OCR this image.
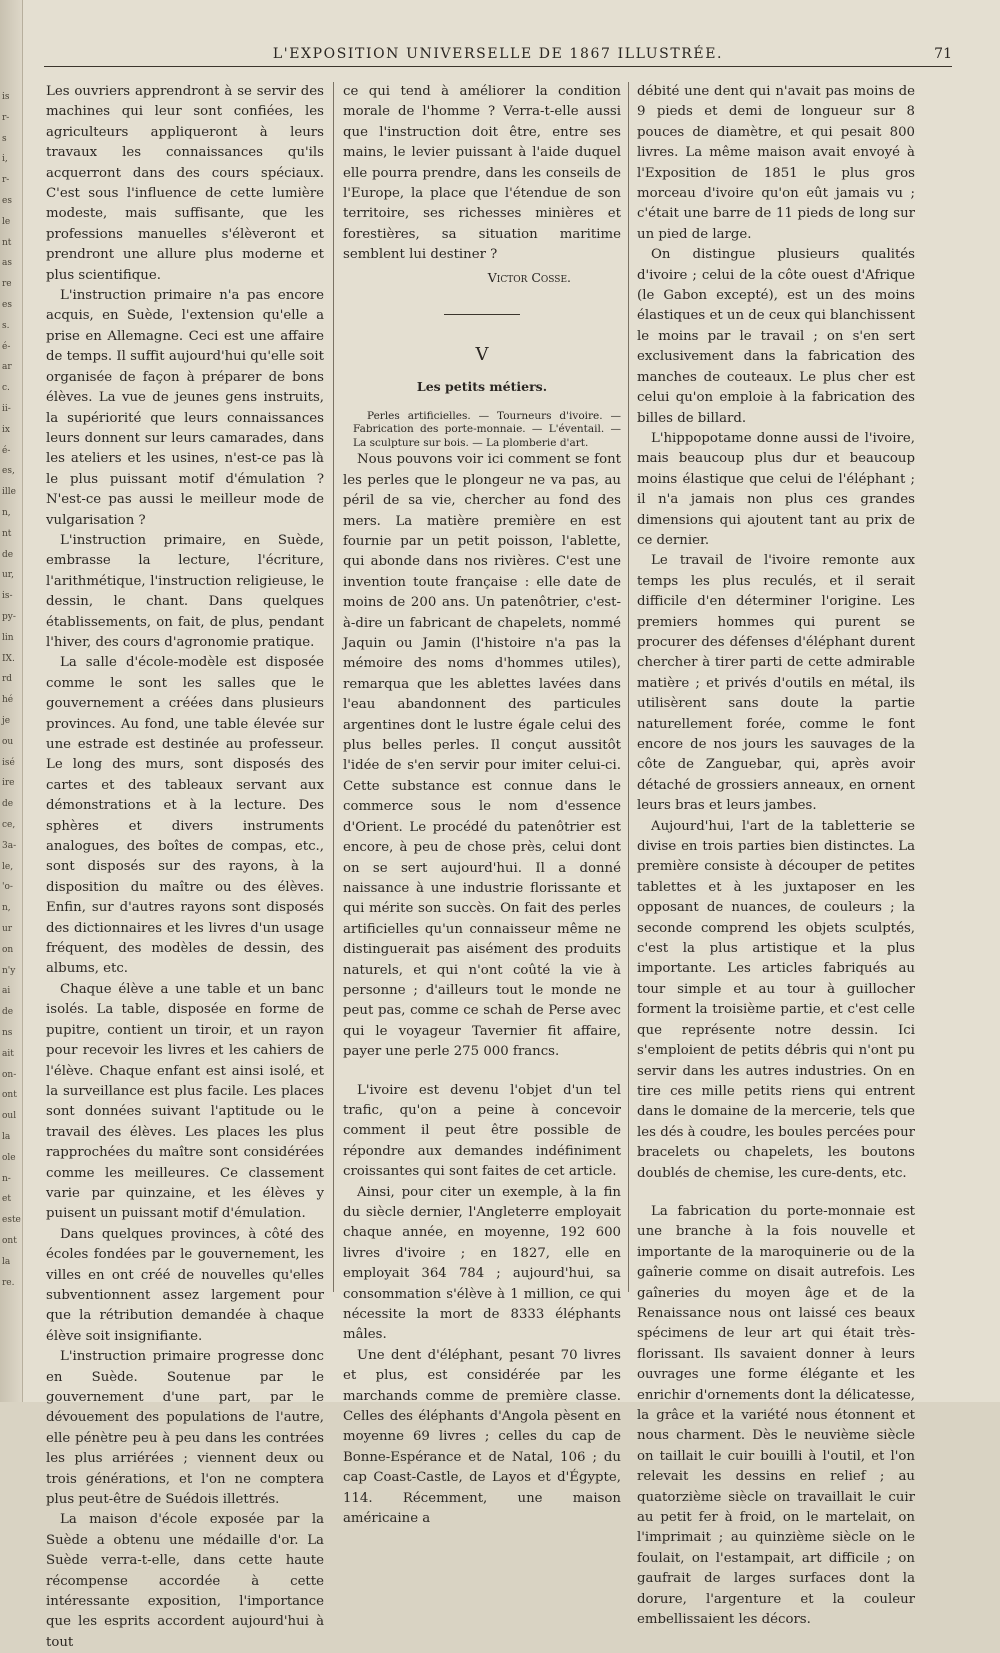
is
r-
s
i,
r-
es
le
nt
as
re
es
s.
é-
ar
c.
ii-
ix
é-
es,
ille
n,
nt
de
ur,
is-
py-
lin
IX.
rd
hé
je
ou
isé
ire
de
ce,
3a-
le,
'o-
n,
ur
on
n'y
ai
de
ns
ait
on-
ont
oul
la
ole
n-
et
este
ont
la
re.
L'EXPOSITION UNIVERSELLE DE 1867 ILLUSTRÉE.	71

Les ouvriers apprendront à se servir des machines qui leur sont confiées, les agriculteurs appliqueront à leurs travaux les connaissances qu'ils acquerront dans des cours spéciaux. C'est sous l'influence de cette lumière modeste, mais suffisante, que les professions manuelles s'élèveront et prendront une allure plus moderne et plus scientifique.

L'instruction primaire n'a pas encore acquis, en Suède, l'extension qu'elle a prise en Allemagne. Ceci est une affaire de temps. Il suffit aujourd'hui qu'elle soit organisée de façon à préparer de bons élèves. La vue de jeunes gens instruits, la supériorité que leurs connaissances leurs donnent sur leurs camarades, dans les ateliers et les usines, n'est-ce pas là le plus puissant motif d'émulation ? N'est-ce pas aussi le meilleur mode de vulgarisation ?

L'instruction primaire, en Suède, embrasse la lecture, l'écriture, l'arithmétique, l'instruction religieuse, le dessin, le chant. Dans quelques établissements, on fait, de plus, pendant l'hiver, des cours d'agronomie pratique.

La salle d'école-modèle est disposée comme le sont les salles que le gouvernement a créées dans plusieurs provinces. Au fond, une table élevée sur une estrade est destinée au professeur. Le long des murs, sont disposés des cartes et des tableaux servant aux démonstrations et à la lecture. Des sphères et divers instruments analogues, des boîtes de compas, etc., sont disposés sur des rayons, à la disposition du maître ou des élèves. Enfin, sur d'autres rayons sont disposés des dictionnaires et les livres d'un usage fréquent, des modèles de dessin, des albums, etc.

Chaque élève a une table et un banc isolés. La table, disposée en forme de pupitre, contient un tiroir, et un rayon pour recevoir les livres et les cahiers de l'élève. Chaque enfant est ainsi isolé, et la surveillance est plus facile. Les places sont données suivant l'aptitude ou le travail des élèves. Les places les plus rapprochées du maître sont considérées comme les meilleures. Ce classement varie par quinzaine, et les élèves y puisent un puissant motif d'émulation.

Dans quelques provinces, à côté des écoles fondées par le gouvernement, les villes en ont créé de nouvelles qu'elles subventionnent assez largement pour que la rétribution demandée à chaque élève soit insignifiante.

L'instruction primaire progresse donc en Suède. Soutenue par le gouvernement d'une part, par le dévouement des populations de l'autre, elle pénètre peu à peu dans les contrées les plus arriérées ; viennent deux ou trois générations, et l'on ne comptera plus peut-être de Suédois illettrés.

La maison d'école exposée par la Suède a obtenu une médaille d'or. La Suède verra-t-elle, dans cette haute récompense accordée à cette intéressante exposition, l'importance que les esprits accordent aujourd'hui à tout

ce qui tend à améliorer la condition morale de l'homme ? Verra-t-elle aussi que l'instruction doit être, entre ses mains, le levier puissant à l'aide duquel elle pourra prendre, dans les conseils de l'Europe, la place que l'étendue de son territoire, ses richesses minières et forestières, sa situation maritime semblent lui destiner ?

Victor Cosse.
V
Les petits métiers.

Perles artificielles. — Tourneurs d'ivoire. — Fabrication des porte-monnaie. — L'éventail. — La sculpture sur bois. — La plomberie d'art.

Nous pouvons voir ici comment se font les perles que le plongeur ne va pas, au péril de sa vie, chercher au fond des mers. La matière première en est fournie par un petit poisson, l'ablette, qui abonde dans nos rivières. C'est une invention toute française : elle date de moins de 200 ans. Un patenôtrier, c'est-à-dire un fabricant de chapelets, nommé Jaquin ou Jamin (l'histoire n'a pas la mémoire des noms d'hommes utiles), remarqua que les ablettes lavées dans l'eau abandonnent des particules argentines dont le lustre égale celui des plus belles perles. Il conçut aussitôt l'idée de s'en servir pour imiter celui-ci. Cette substance est connue dans le commerce sous le nom d'essence d'Orient. Le procédé du patenôtrier est encore, à peu de chose près, celui dont on se sert aujourd'hui. Il a donné naissance à une industrie florissante et qui mérite son succès. On fait des perles artificielles qu'un connaisseur même ne distinguerait pas aisément des produits naturels, et qui n'ont coûté la vie à personne ; d'ailleurs tout le monde ne peut pas, comme ce schah de Perse avec qui le voyageur Tavernier fit affaire, payer une perle 275 000 francs.

L'ivoire est devenu l'objet d'un tel trafic, qu'on a peine à concevoir comment il peut être possible de répondre aux demandes indéfiniment croissantes qui sont faites de cet article.

Ainsi, pour citer un exemple, à la fin du siècle dernier, l'Angleterre employait chaque année, en moyenne, 192 600 livres d'ivoire ; en 1827, elle en employait 364 784 ; aujourd'hui, sa consommation s'élève à 1 million, ce qui nécessite la mort de 8333 éléphants mâles.

Une dent d'éléphant, pesant 70 livres et plus, est considérée par les marchands comme de première classe. Celles des éléphants d'Angola pèsent en moyenne 69 livres ; celles du cap de Bonne-Espérance et de Natal, 106 ; du cap Coast-Castle, de Layos et d'Égypte, 114. Récemment, une maison américaine a

débité une dent qui n'avait pas moins de 9 pieds et demi de longueur sur 8 pouces de diamètre, et qui pesait 800 livres. La même maison avait envoyé à l'Exposition de 1851 le plus gros morceau d'ivoire qu'on eût jamais vu ; c'était une barre de 11 pieds de long sur un pied de large.

On distingue plusieurs qualités d'ivoire ; celui de la côte ouest d'Afrique (le Gabon excepté), est un des moins élastiques et un de ceux qui blanchissent le moins par le travail ; on s'en sert exclusivement dans la fabrication des manches de couteaux. Le plus cher est celui qu'on emploie à la fabrication des billes de billard.

L'hippopotame donne aussi de l'ivoire, mais beaucoup plus dur et beaucoup moins élastique que celui de l'éléphant ; il n'a jamais non plus ces grandes dimensions qui ajoutent tant au prix de ce dernier.

Le travail de l'ivoire remonte aux temps les plus reculés, et il serait difficile d'en déterminer l'origine. Les premiers hommes qui purent se procurer des défenses d'éléphant durent chercher à tirer parti de cette admirable matière ; et privés d'outils en métal, ils utilisèrent sans doute la partie naturellement forée, comme le font encore de nos jours les sauvages de la côte de Zanguebar, qui, après avoir détaché de grossiers anneaux, en ornent leurs bras et leurs jambes.

Aujourd'hui, l'art de la tabletterie se divise en trois parties bien distinctes. La première consiste à découper de petites tablettes et à les juxtaposer en les opposant de nuances, de couleurs ; la seconde comprend les objets sculptés, c'est la plus artistique et la plus importante. Les articles fabriqués au tour simple et au tour à guillocher forment la troisième partie, et c'est celle que représente notre dessin. Ici s'emploient de petits débris qui n'ont pu servir dans les autres industries. On en tire ces mille petits riens qui entrent dans le domaine de la mercerie, tels que les dés à coudre, les boules percées pour bracelets ou chapelets, les boutons doublés de chemise, les cure-dents, etc.

La fabrication du porte-monnaie est une branche à la fois nouvelle et importante de la maroquinerie ou de la gaînerie comme on disait autrefois. Les gaîneries du moyen âge et de la Renaissance nous ont laissé ces beaux spécimens de leur art qui était très-florissant. Ils savaient donner à leurs ouvrages une forme élégante et les enrichir d'ornements dont la délicatesse, la grâce et la variété nous étonnent et nous charment. Dès le neuvième siècle on taillait le cuir bouilli à l'outil, et l'on relevait les dessins en relief ; au quatorzième siècle on travaillait le cuir au petit fer à froid, on le martelait, on l'imprimait ; au quinzième siècle on le foulait, on l'estampait, art difficile ; on gaufrait de larges surfaces dont la dorure, l'argenture et la couleur embellissaient les décors.
